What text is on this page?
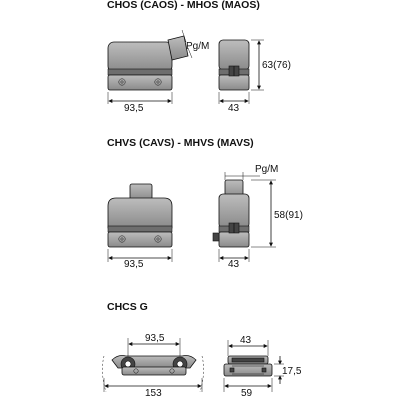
CHOS (CAOS) - MHOS (MAOS)
Pg/M
93,5	43
63(76)
CHVS (CAVS) - MHVS (MAVS)
93,5
Pg/M
43
58(91)
CHCS G
93,5
153
43
59
17,5
